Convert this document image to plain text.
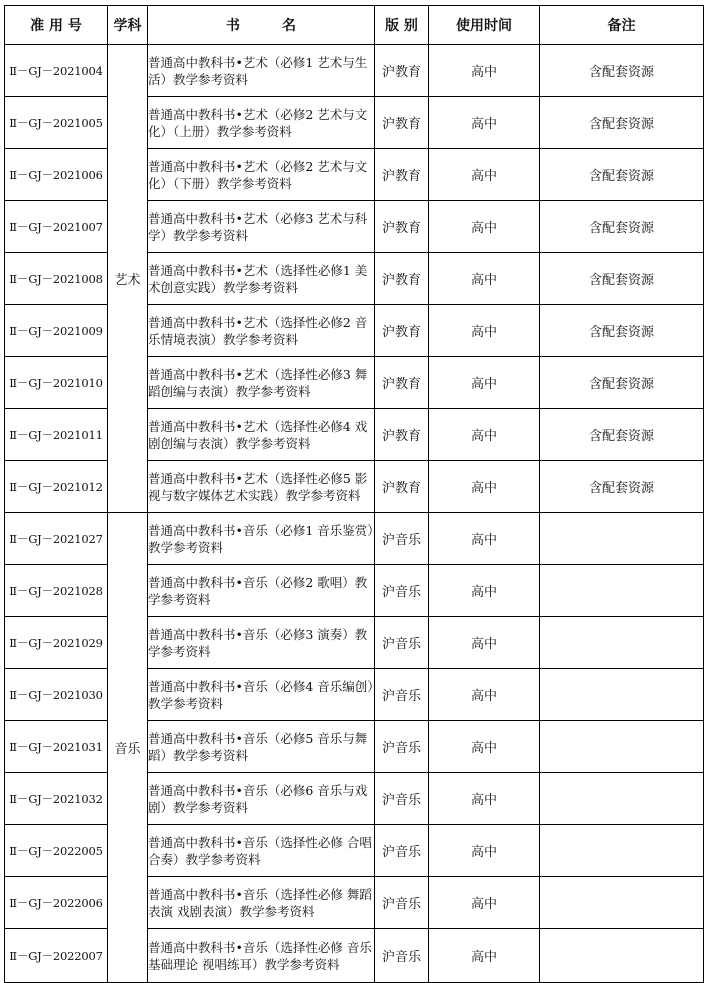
准 用 号	学科	书　　　名	版 别	使用时间	备注
Ⅱ－GJ－2021004	艺术	普通高中教科书•艺术（必修1 艺术与生活）教学参考资料	沪教育	高中	含配套资源
Ⅱ－GJ－2021005		普通高中教科书•艺术（必修2 艺术与文化）（上册）教学参考资料	沪教育	高中	含配套资源
Ⅱ－GJ－2021006		普通高中教科书•艺术（必修2 艺术与文化）（下册）教学参考资料	沪教育	高中	含配套资源
Ⅱ－GJ－2021007		普通高中教科书•艺术（必修3 艺术与科学）教学参考资料	沪教育	高中	含配套资源
Ⅱ－GJ－2021008		普通高中教科书•艺术（选择性必修1 美术创意实践）教学参考资料	沪教育	高中	含配套资源
Ⅱ－GJ－2021009		普通高中教科书•艺术（选择性必修2 音乐情境表演）教学参考资料	沪教育	高中	含配套资源
Ⅱ－GJ－2021010		普通高中教科书•艺术（选择性必修3 舞蹈创编与表演）教学参考资料	沪教育	高中	含配套资源
Ⅱ－GJ－2021011		普通高中教科书•艺术（选择性必修4 戏剧创编与表演）教学参考资料	沪教育	高中	含配套资源
Ⅱ－GJ－2021012		普通高中教科书•艺术（选择性必修5 影视与数字媒体艺术实践）教学参考资料	沪教育	高中	含配套资源
Ⅱ－GJ－2021027	音乐	普通高中教科书•音乐（必修1 音乐鉴赏）教学参考资料	沪音乐	高中	
Ⅱ－GJ－2021028		普通高中教科书•音乐（必修2 歌唱）教学参考资料	沪音乐	高中	
Ⅱ－GJ－2021029		普通高中教科书•音乐（必修3 演奏）教学参考资料	沪音乐	高中	
Ⅱ－GJ－2021030		普通高中教科书•音乐（必修4 音乐编创）教学参考资料	沪音乐	高中	
Ⅱ－GJ－2021031		普通高中教科书•音乐（必修5 音乐与舞蹈）教学参考资料	沪音乐	高中	
Ⅱ－GJ－2021032		普通高中教科书•音乐（必修6 音乐与戏剧）教学参考资料	沪音乐	高中	
Ⅱ－GJ－2022005		普通高中教科书•音乐（选择性必修 合唱 合奏）教学参考资料	沪音乐	高中	
Ⅱ－GJ－2022006		普通高中教科书•音乐（选择性必修 舞蹈表演 戏剧表演）教学参考资料	沪音乐	高中	
Ⅱ－GJ－2022007		普通高中教科书•音乐（选择性必修 音乐基础理论 视唱练耳）教学参考资料	沪音乐	高中	
